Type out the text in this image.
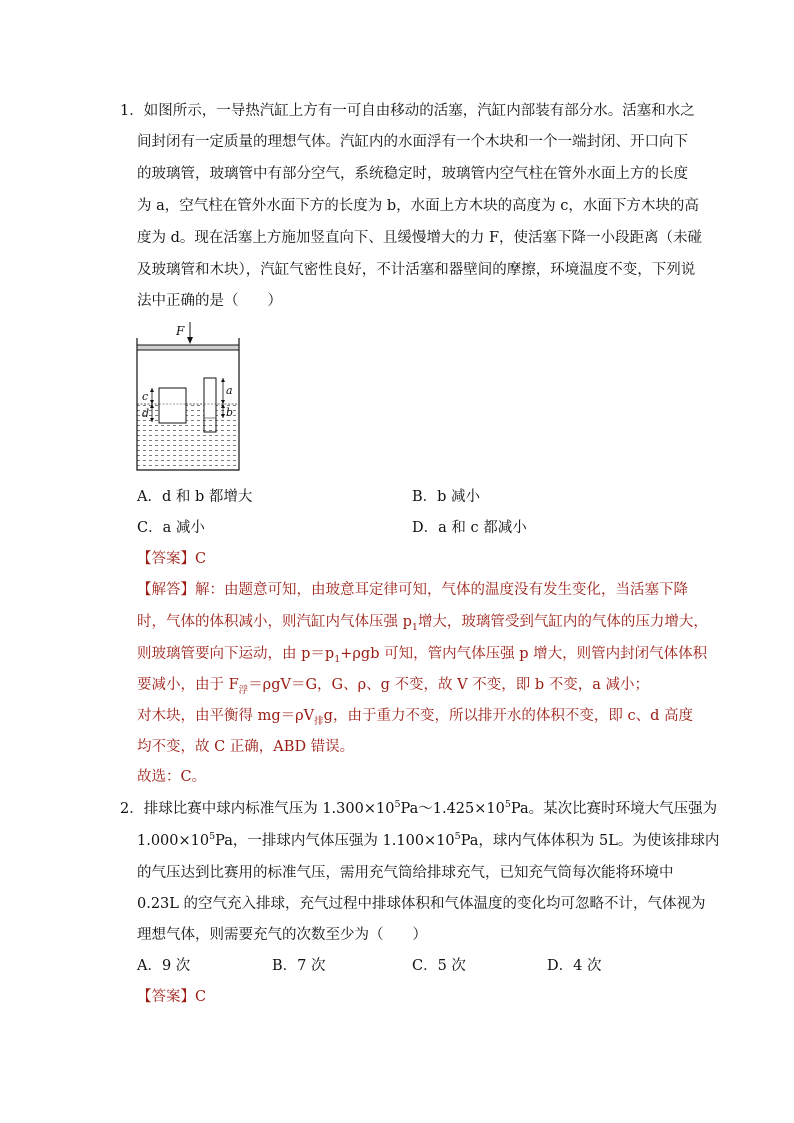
1．如图所示，一导热汽缸上方有一可自由移动的活塞，汽缸内部装有部分水。活塞和水之
间封闭有一定质量的理想气体。汽缸内的水面浮有一个木块和一个一端封闭、开口向下
的玻璃管，玻璃管中有部分空气，系统稳定时，玻璃管内空气柱在管外水面上方的长度
为 a，空气柱在管外水面下方的长度为 b，水面上方木块的高度为 c，水面下方木块的高
度为 d。现在活塞上方施加竖直向下、且缓慢增大的力 F，使活塞下降一小段距离（未碰
及玻璃管和木块），汽缸气密性良好，不计活塞和器壁间的摩擦，环境温度不变，下列说
法中正确的是（　　）
F
c
d
a
b
A．d 和 b 都增大	B．b 减小
C．a 减小	D．a 和 c 都减小
【答案】C
【解答】解：由题意可知，由玻意耳定律可知，气体的温度没有发生变化，当活塞下降
时，气体的体积减小，则汽缸内气体压强 $p_1$增大，玻璃管受到气缸内的气体的压力增大，
则玻璃管要向下运动，由 $p=p_1+\rho gb$ 可知，管内气体压强 p 增大，则管内封闭气体体积
要减小，由于 $F_浮=\rho gV=G$，G、ρ、g 不变，故 V 不变，即 b 不变，a 减小；
对木块，由平衡得 $mg=\rho V_排g$，由于重力不变，所以排开水的体积不变，即 c、d 高度
均不变，故 C 正确，ABD 错误。
故选：C。
2．排球比赛中球内标准气压为 $1.300\times 10^5Pa\sim 1.425\times 10^5Pa$。某次比赛时环境大气压强为
$1.000\times 10^5Pa$，一排球内气体压强为 $1.100\times 10^5Pa$，球内气体体积为 5L。为使该排球内
的气压达到比赛用的标准气压，需用充气筒给排球充气，已知充气筒每次能将环境中
0.23L 的空气充入排球，充气过程中排球体积和气体温度的变化均可忽略不计，气体视为
理想气体，则需要充气的次数至少为（　　）
A．9 次	B．7 次	C．5 次	D．4 次
【答案】C
